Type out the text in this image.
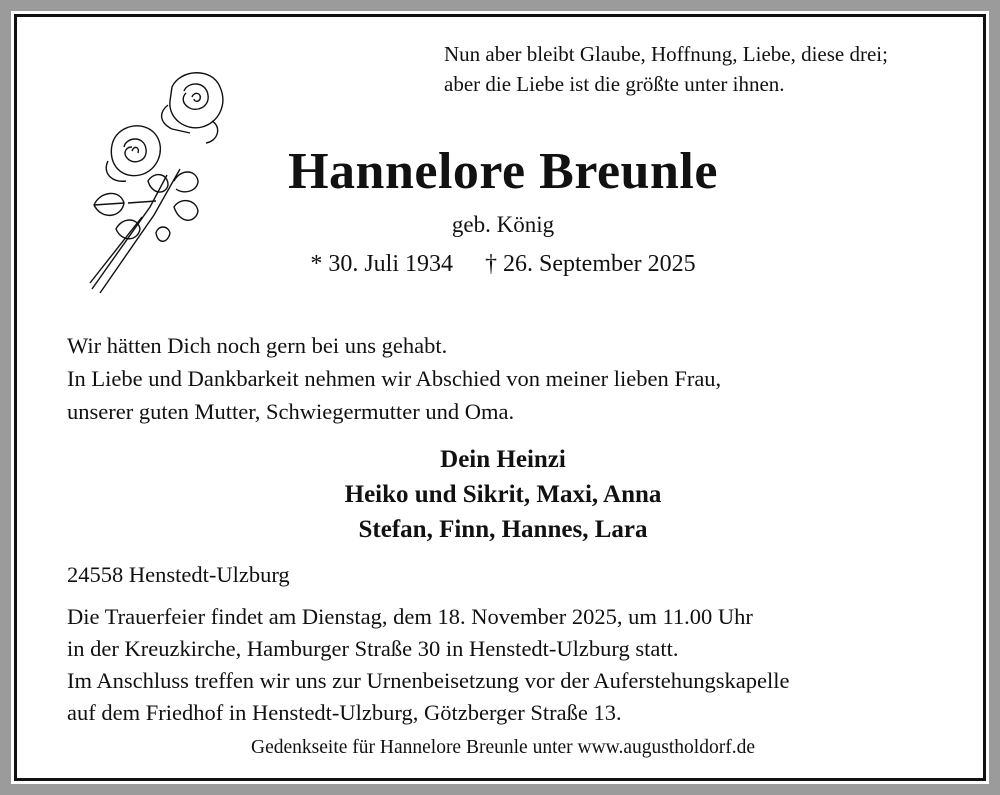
Nun aber bleibt Glaube, Hoffnung, Liebe, diese drei;
aber die Liebe ist die größte unter ihnen.
Hannelore Breunle
geb. König
* 30. Juli 1934 † 26. September 2025
Wir hätten Dich noch gern bei uns gehabt.
In Liebe und Dankbarkeit nehmen wir Abschied von meiner lieben Frau,
unserer guten Mutter, Schwiegermutter und Oma.
Dein Heinzi
Heiko und Sikrit, Maxi, Anna
Stefan, Finn, Hannes, Lara
24558 Henstedt-Ulzburg
Die Trauerfeier findet am Dienstag, dem 18. November 2025, um 11.00 Uhr
in der Kreuzkirche, Hamburger Straße 30 in Henstedt-Ulzburg statt.
Im Anschluss treffen wir uns zur Urnenbeisetzung vor der Auferstehungskapelle
auf dem Friedhof in Henstedt-Ulzburg, Götzberger Straße 13.
Gedenkseite für Hannelore Breunle unter www.augustholdorf.de
